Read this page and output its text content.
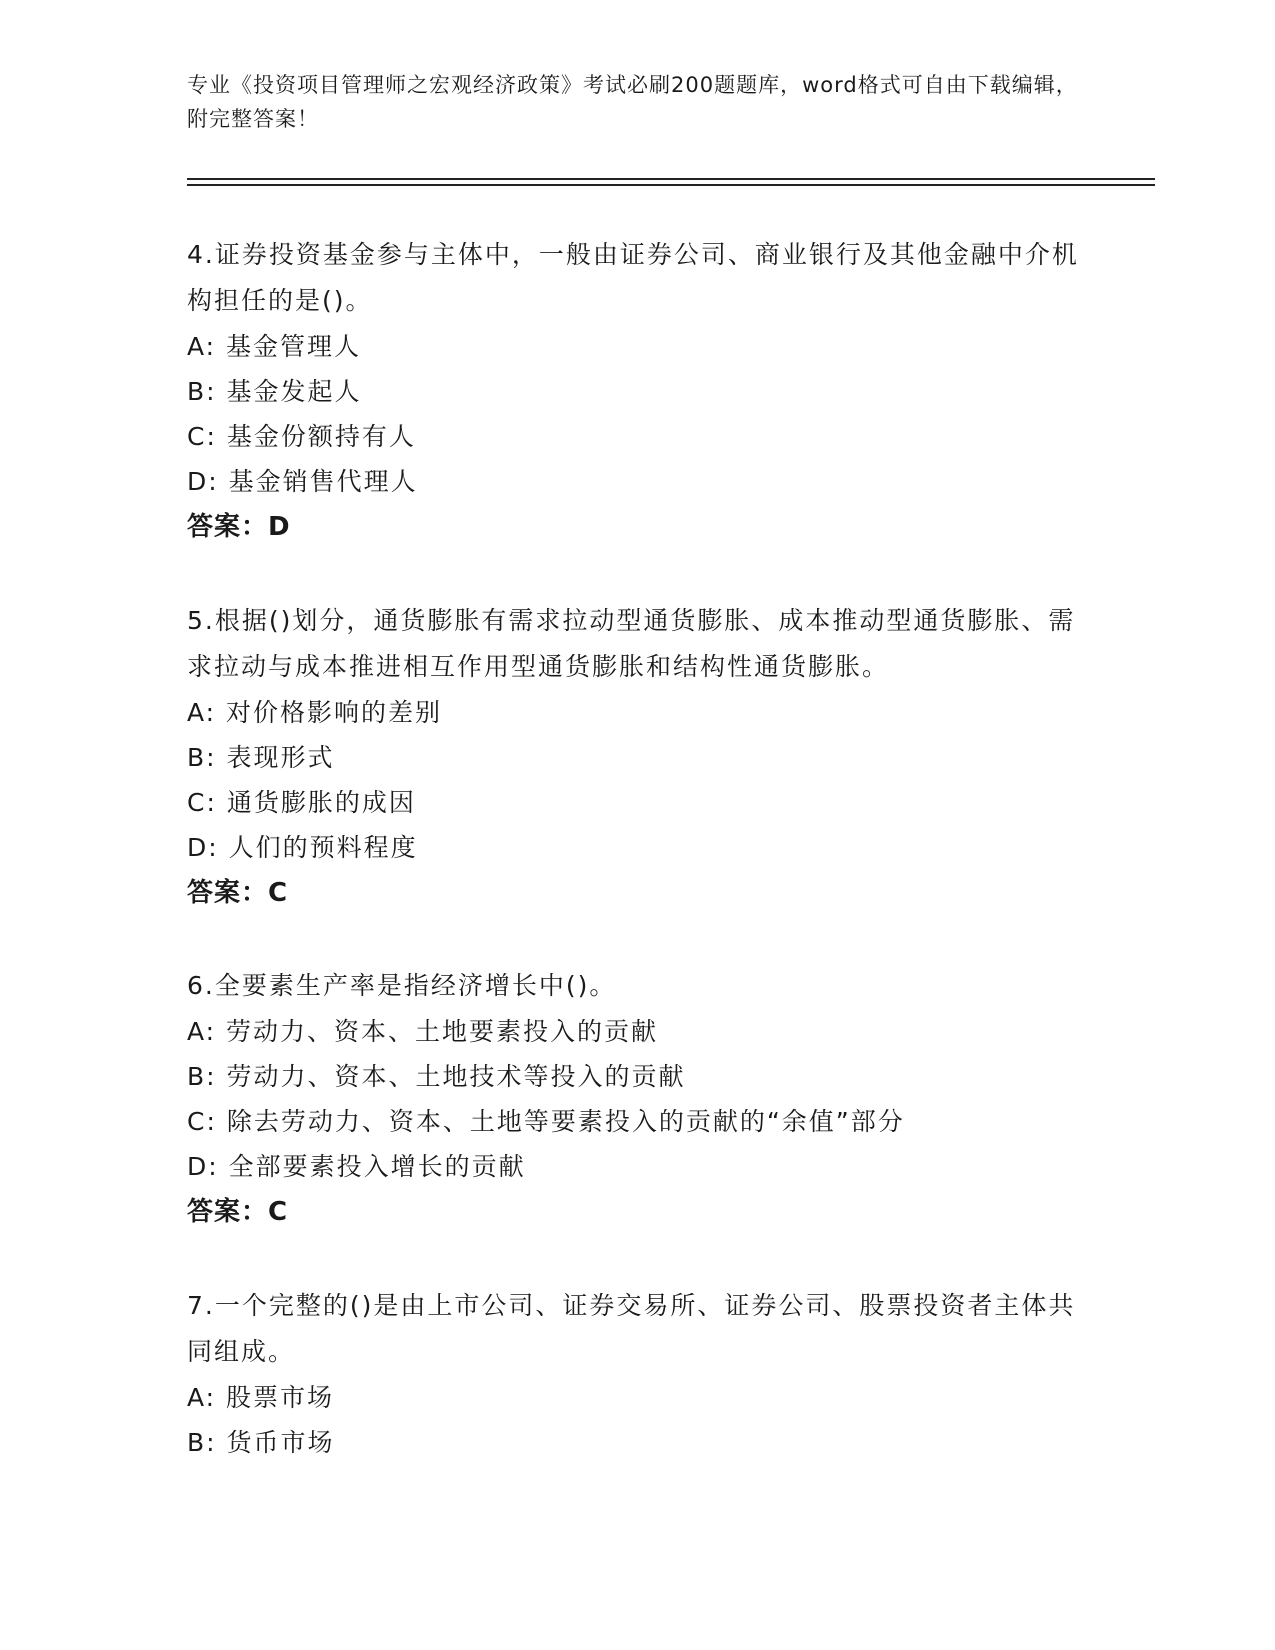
专业《投资项目管理师之宏观经济政策》考试必刷200题题库，word格式可自由下载编辑，附完整答案！
4.证券投资基金参与主体中，一般由证券公司、商业银行及其他金融中介机构担任的是()。
A: 基金管理人
B: 基金发起人
C: 基金份额持有人
D: 基金销售代理人
答案：D
5.根据()划分，通货膨胀有需求拉动型通货膨胀、成本推动型通货膨胀、需求拉动与成本推进相互作用型通货膨胀和结构性通货膨胀。
A: 对价格影响的差别
B: 表现形式
C: 通货膨胀的成因
D: 人们的预料程度
答案：C
6.全要素生产率是指经济增长中()。
A: 劳动力、资本、土地要素投入的贡献
B: 劳动力、资本、土地技术等投入的贡献
C: 除去劳动力、资本、土地等要素投入的贡献的“余值”部分
D: 全部要素投入增长的贡献
答案：C
7.一个完整的()是由上市公司、证券交易所、证券公司、股票投资者主体共同组成。
A: 股票市场
B: 货币市场
